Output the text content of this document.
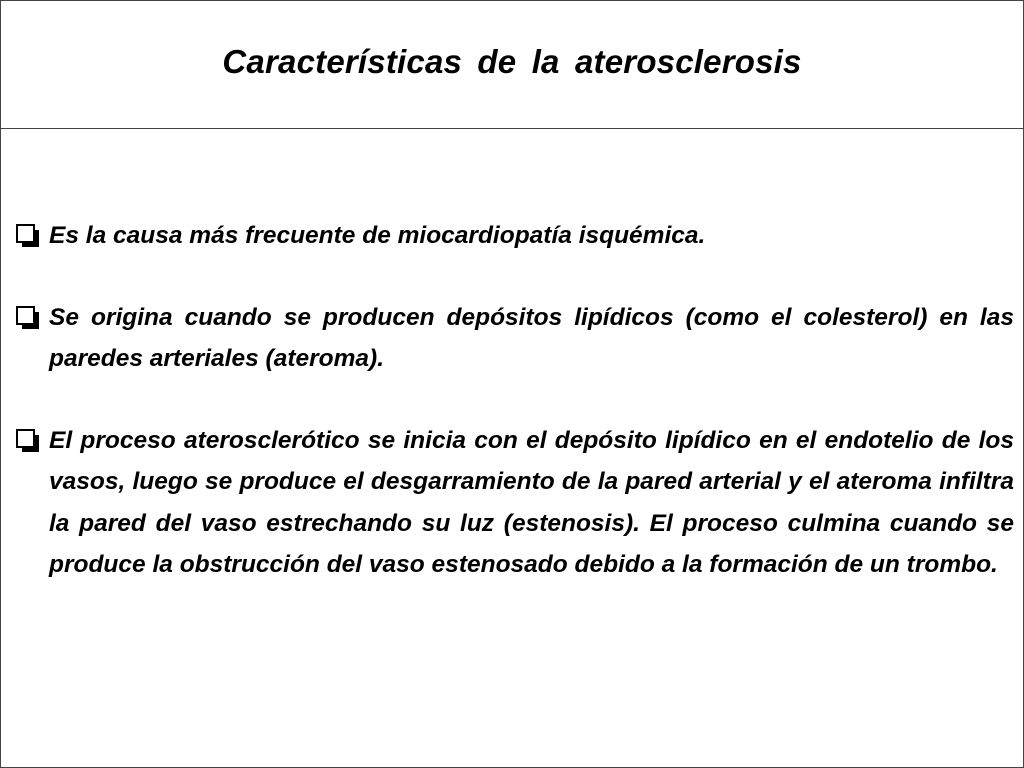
Características de la aterosclerosis
Es la causa más frecuente de miocardiopatía isquémica.
Se origina cuando se producen depósitos lipídicos (como el colesterol) en las paredes arteriales (ateroma).
El proceso aterosclerótico se inicia con el depósito lipídico en el endotelio de los vasos, luego se produce el desgarramiento de la pared arterial y el ateroma infiltra la pared del vaso estrechando su luz (estenosis). El proceso culmina cuando se produce la obstrucción del vaso estenosado debido a la formación de un trombo.
